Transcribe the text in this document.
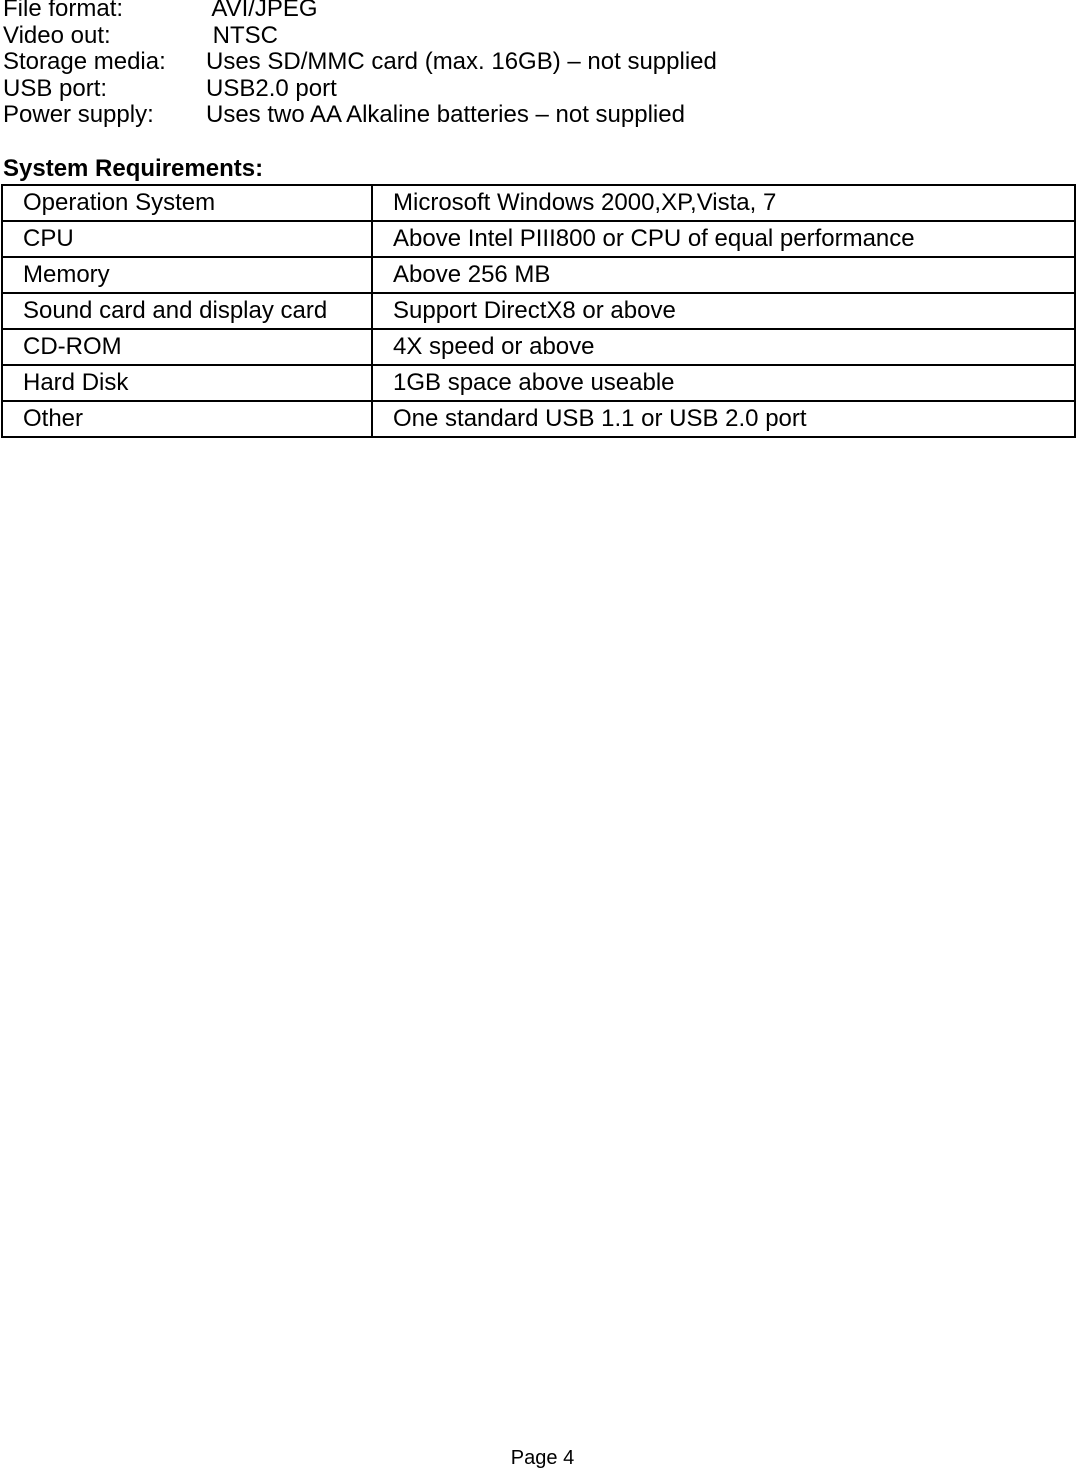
File format:	AVI/JPEG
Video out:	NTSC
Storage media:	Uses SD/MMC card (max. 16GB) – not supplied
USB port:	USB2.0 port
Power supply:	Uses two AA Alkaline batteries – not supplied
System Requirements:
Operation System	Microsoft Windows 2000,XP,Vista, 7
CPU	Above Intel PIII800 or CPU of equal performance
Memory	Above 256 MB
Sound card and display card	Support DirectX8 or above
CD-ROM	4X speed or above
Hard Disk	1GB space above useable
Other	One standard USB 1.1 or USB 2.0 port
Page 4
